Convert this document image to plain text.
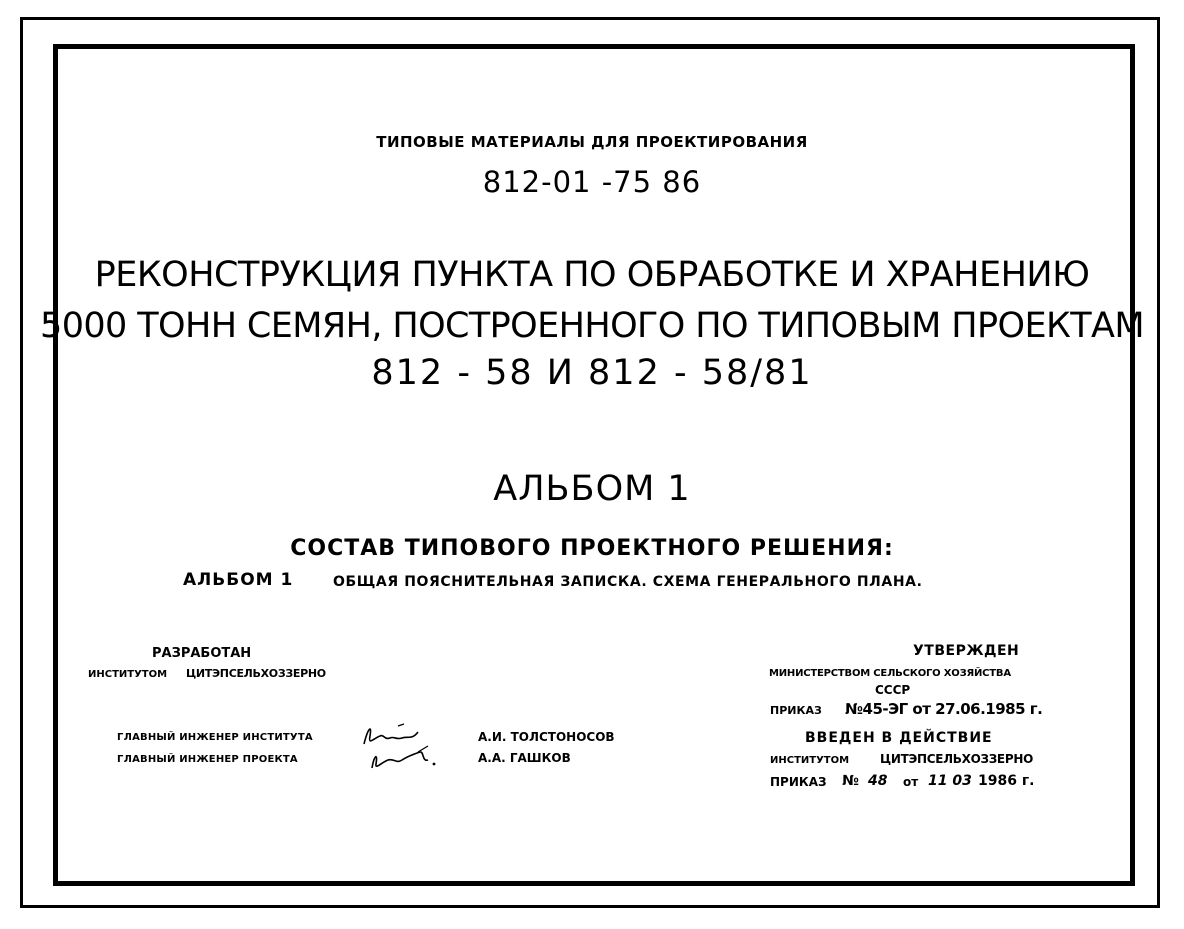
ТИПОВЫЕ МАТЕРИАЛЫ ДЛЯ ПРОЕКТИРОВАНИЯ
812-01 -75 86
РЕКОНСТРУКЦИЯ ПУНКТА ПО ОБРАБОТКЕ И ХРАНЕНИЮ
5000 ТОНН СЕМЯН, ПОСТРОЕННОГО ПО ТИПОВЫМ ПРОЕКТАМ
812 - 58 И 812 - 58/81
АЛЬБОМ 1
СОСТАВ ТИПОВОГО ПРОЕКТНОГО РЕШЕНИЯ:
АЛЬБОМ 1	ОБЩАЯ ПОЯСНИТЕЛЬНАЯ ЗАПИСКА. СХЕМА ГЕНЕРАЛЬНОГО ПЛАНА.
РАЗРАБОТАН
ИНСТИТУТОМ ЦИТЭПСЕЛЬХОЗЗЕРНО
ГЛАВНЫЙ ИНЖЕНЕР ИНСТИТУТА
ГЛАВНЫЙ ИНЖЕНЕР ПРОЕКТА
А.И. ТОЛСТОНОСОВ
А.А. ГАШКОВ
УТВЕРЖДЕН
МИНИСТЕРСТВОМ СЕЛЬСКОГО ХОЗЯЙСТВА
СССР
ПРИКАЗ №45-ЭГ от 27.06.1985 г.
ВВЕДЕН В ДЕЙСТВИЕ
ИНСТИТУТОМ	ЦИТЭПСЕЛЬХОЗЗЕРНО
ПРИКАЗ № 48 от 11 03 1986 г.
